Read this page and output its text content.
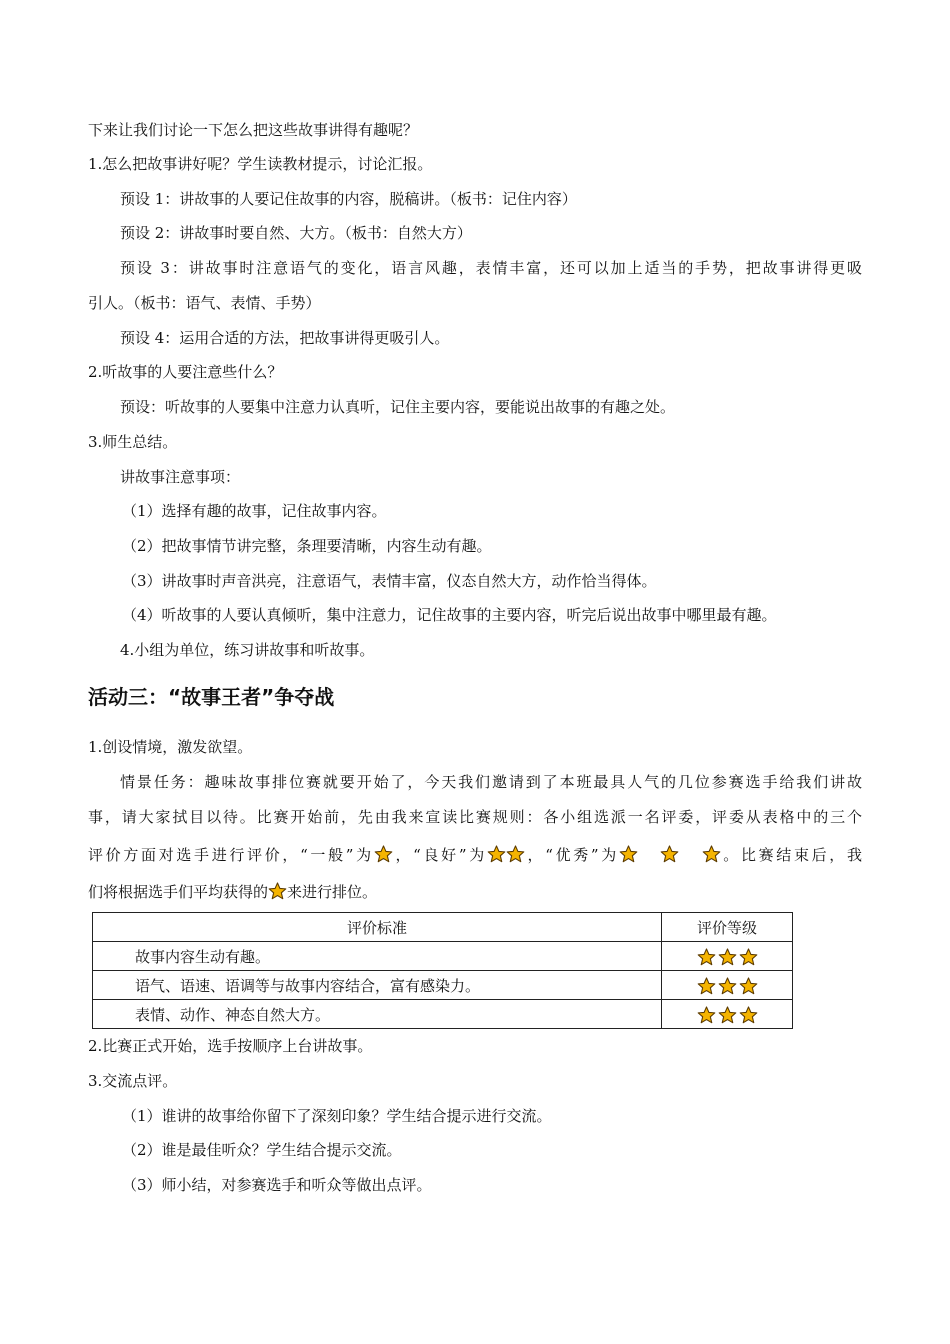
下来让我们讨论一下怎么把这些故事讲得有趣呢？
1.怎么把故事讲好呢？学生读教材提示，讨论汇报。
预设 1：讲故事的人要记住故事的内容，脱稿讲。（板书：记住内容）
预设 2：讲故事时要自然、大方。（板书：自然大方）
预设 3：讲故事时注意语气的变化，语言风趣，表情丰富，还可以加上适当的手势，把故事讲得更吸
引人。（板书：语气、表情、手势）
预设 4：运用合适的方法，把故事讲得更吸引人。
2.听故事的人要注意些什么？
预设：听故事的人要集中注意力认真听，记住主要内容，要能说出故事的有趣之处。
3.师生总结。
讲故事注意事项：
（1）选择有趣的故事，记住故事内容。
（2）把故事情节讲完整，条理要清晰，内容生动有趣。
（3）讲故事时声音洪亮，注意语气，表情丰富，仪态自然大方，动作恰当得体。
（4）听故事的人要认真倾听，集中注意力，记住故事的主要内容，听完后说出故事中哪里最有趣。
4.小组为单位，练习讲故事和听故事。
活动三：“故事王者”争夺战
1.创设情境，激发欲望。
情景任务：趣味故事排位赛就要开始了，今天我们邀请到了本班最具人气的几位参赛选手给我们讲故
事，请大家拭目以待。比赛开始前，先由我来宣读比赛规则：各小组选派一名评委，评委从表格中的三个
评价方面对选手进行评价，“一般”为 ，“良好”为	，“优秀”为

	。比赛结束后，我
们将根据选手们平均获得的 来进行排位。
评价标准	评价等级
故事内容生动有趣。	

语气、语速、语调等与故事内容结合，富有感染力。	

表情、动作、神态自然大方。	
2.比赛正式开始，选手按顺序上台讲故事。
3.交流点评。
（1）谁讲的故事给你留下了深刻印象？学生结合提示进行交流。
（2）谁是最佳听众？学生结合提示交流。
（3）师小结，对参赛选手和听众等做出点评。
